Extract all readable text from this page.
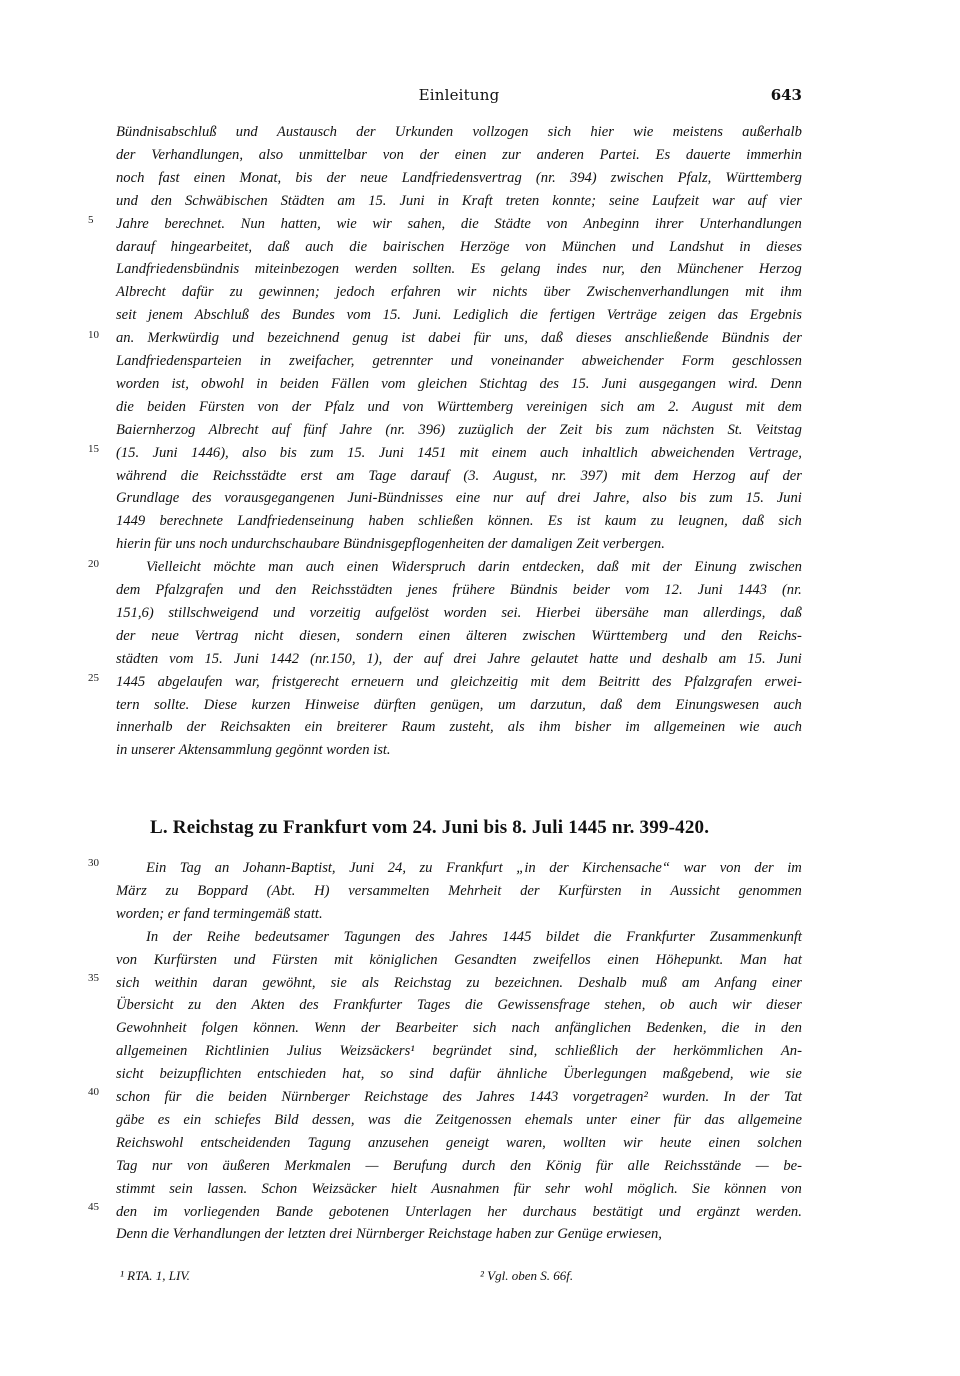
Einleitung	643
Bündnisabschluß und Austausch der Urkunden vollzogen sich hier wie meistens außerhalb
der Verhandlungen, also unmittelbar von der einen zur anderen Partei. Es dauerte immerhin
noch fast einen Monat, bis der neue Landfriedensvertrag (nr. 394) zwischen Pfalz, Württemberg
und den Schwäbischen Städten am 15. Juni in Kraft treten konnte; seine Laufzeit war auf vier
Jahre berechnet. Nun hatten, wie wir sahen, die Städte von Anbeginn ihrer Unterhandlungen
darauf hingearbeitet, daß auch die bairischen Herzöge von München und Landshut in dieses
Landfriedensbündnis miteinbezogen werden sollten. Es gelang indes nur, den Münchener Herzog
Albrecht dafür zu gewinnen; jedoch erfahren wir nichts über Zwischenverhandlungen mit ihm
seit jenem Abschluß des Bundes vom 15. Juni. Lediglich die fertigen Verträge zeigen das Ergebnis
an. Merkwürdig und bezeichnend genug ist dabei für uns, daß dieses anschließende Bündnis der
Landfriedensparteien in zweifacher, getrennter und voneinander abweichender Form geschlossen
worden ist, obwohl in beiden Fällen vom gleichen Stichtag des 15. Juni ausgegangen wird. Denn
die beiden Fürsten von der Pfalz und von Württemberg vereinigen sich am 2. August mit dem
Baiernherzog Albrecht auf fünf Jahre (nr. 396) zuzüglich der Zeit bis zum nächsten St. Veitstag
(15. Juni 1446), also bis zum 15. Juni 1451 mit einem auch inhaltlich abweichenden Vertrage,
während die Reichsstädte erst am Tage darauf (3. August, nr. 397) mit dem Herzog auf der
Grundlage des vorausgegangenen Juni-Bündnisses eine nur auf drei Jahre, also bis zum 15. Juni
1449 berechnete Landfriedenseinung haben schließen können. Es ist kaum zu leugnen, daß sich
hierin für uns noch undurchschaubare Bündnisgepflogenheiten der damaligen Zeit verbergen.
Vielleicht möchte man auch einen Widerspruch darin entdecken, daß mit der Einung zwischen
dem Pfalzgrafen und den Reichsstädten jenes frühere Bündnis beider vom 12. Juni 1443 (nr.
151,6) stillschweigend und vorzeitig aufgelöst worden sei. Hierbei übersähe man allerdings, daß
der neue Vertrag nicht diesen, sondern einen älteren zwischen Württemberg und den Reichs-
städten vom 15. Juni 1442 (nr.150, 1), der auf drei Jahre gelautet hatte und deshalb am 15. Juni
1445 abgelaufen war, fristgerecht erneuern und gleichzeitig mit dem Beitritt des Pfalzgrafen erwei-
tern sollte. Diese kurzen Hinweise dürften genügen, um darzutun, daß dem Einungswesen auch
innerhalb der Reichsakten ein breiterer Raum zusteht, als ihm bisher im allgemeinen wie auch
in unserer Aktensammlung gegönnt worden ist.
L. Reichstag zu Frankfurt vom 24. Juni bis 8. Juli 1445 nr. 399-420.
Ein Tag an Johann-Baptist, Juni 24, zu Frankfurt „in der Kirchensache“ war von der im
März zu Boppard (Abt. H) versammelten Mehrheit der Kurfürsten in Aussicht genommen
worden; er fand termingemäß statt.
In der Reihe bedeutsamer Tagungen des Jahres 1445 bildet die Frankfurter Zusammenkunft
von Kurfürsten und Fürsten mit königlichen Gesandten zweifellos einen Höhepunkt. Man hat
sich weithin daran gewöhnt, sie als Reichstag zu bezeichnen. Deshalb muß am Anfang einer
Übersicht zu den Akten des Frankfurter Tages die Gewissensfrage stehen, ob auch wir dieser
Gewohnheit folgen können. Wenn der Bearbeiter sich nach anfänglichen Bedenken, die in den
allgemeinen Richtlinien Julius Weizsäckers¹ begründet sind, schließlich der herkömmlichen An-
sicht beizupflichten entschieden hat, so sind dafür ähnliche Überlegungen maßgebend, wie sie
schon für die beiden Nürnberger Reichstage des Jahres 1443 vorgetragen² wurden. In der Tat
gäbe es ein schiefes Bild dessen, was die Zeitgenossen ehemals unter einer für das allgemeine
Reichswohl entscheidenden Tagung anzusehen geneigt waren, wollten wir heute einen solchen
Tag nur von äußeren Merkmalen — Berufung durch den König für alle Reichsstände — be-
stimmt sein lassen. Schon Weizsäcker hielt Ausnahmen für sehr wohl möglich. Sie können von
den im vorliegenden Bande gebotenen Unterlagen her durchaus bestätigt und ergänzt werden.
Denn die Verhandlungen der letzten drei Nürnberger Reichstage haben zur Genüge erwiesen,
5
10
15
20
25
30
35
40
45
¹ RTA. 1, LIV.	² Vgl. oben S. 66f.
